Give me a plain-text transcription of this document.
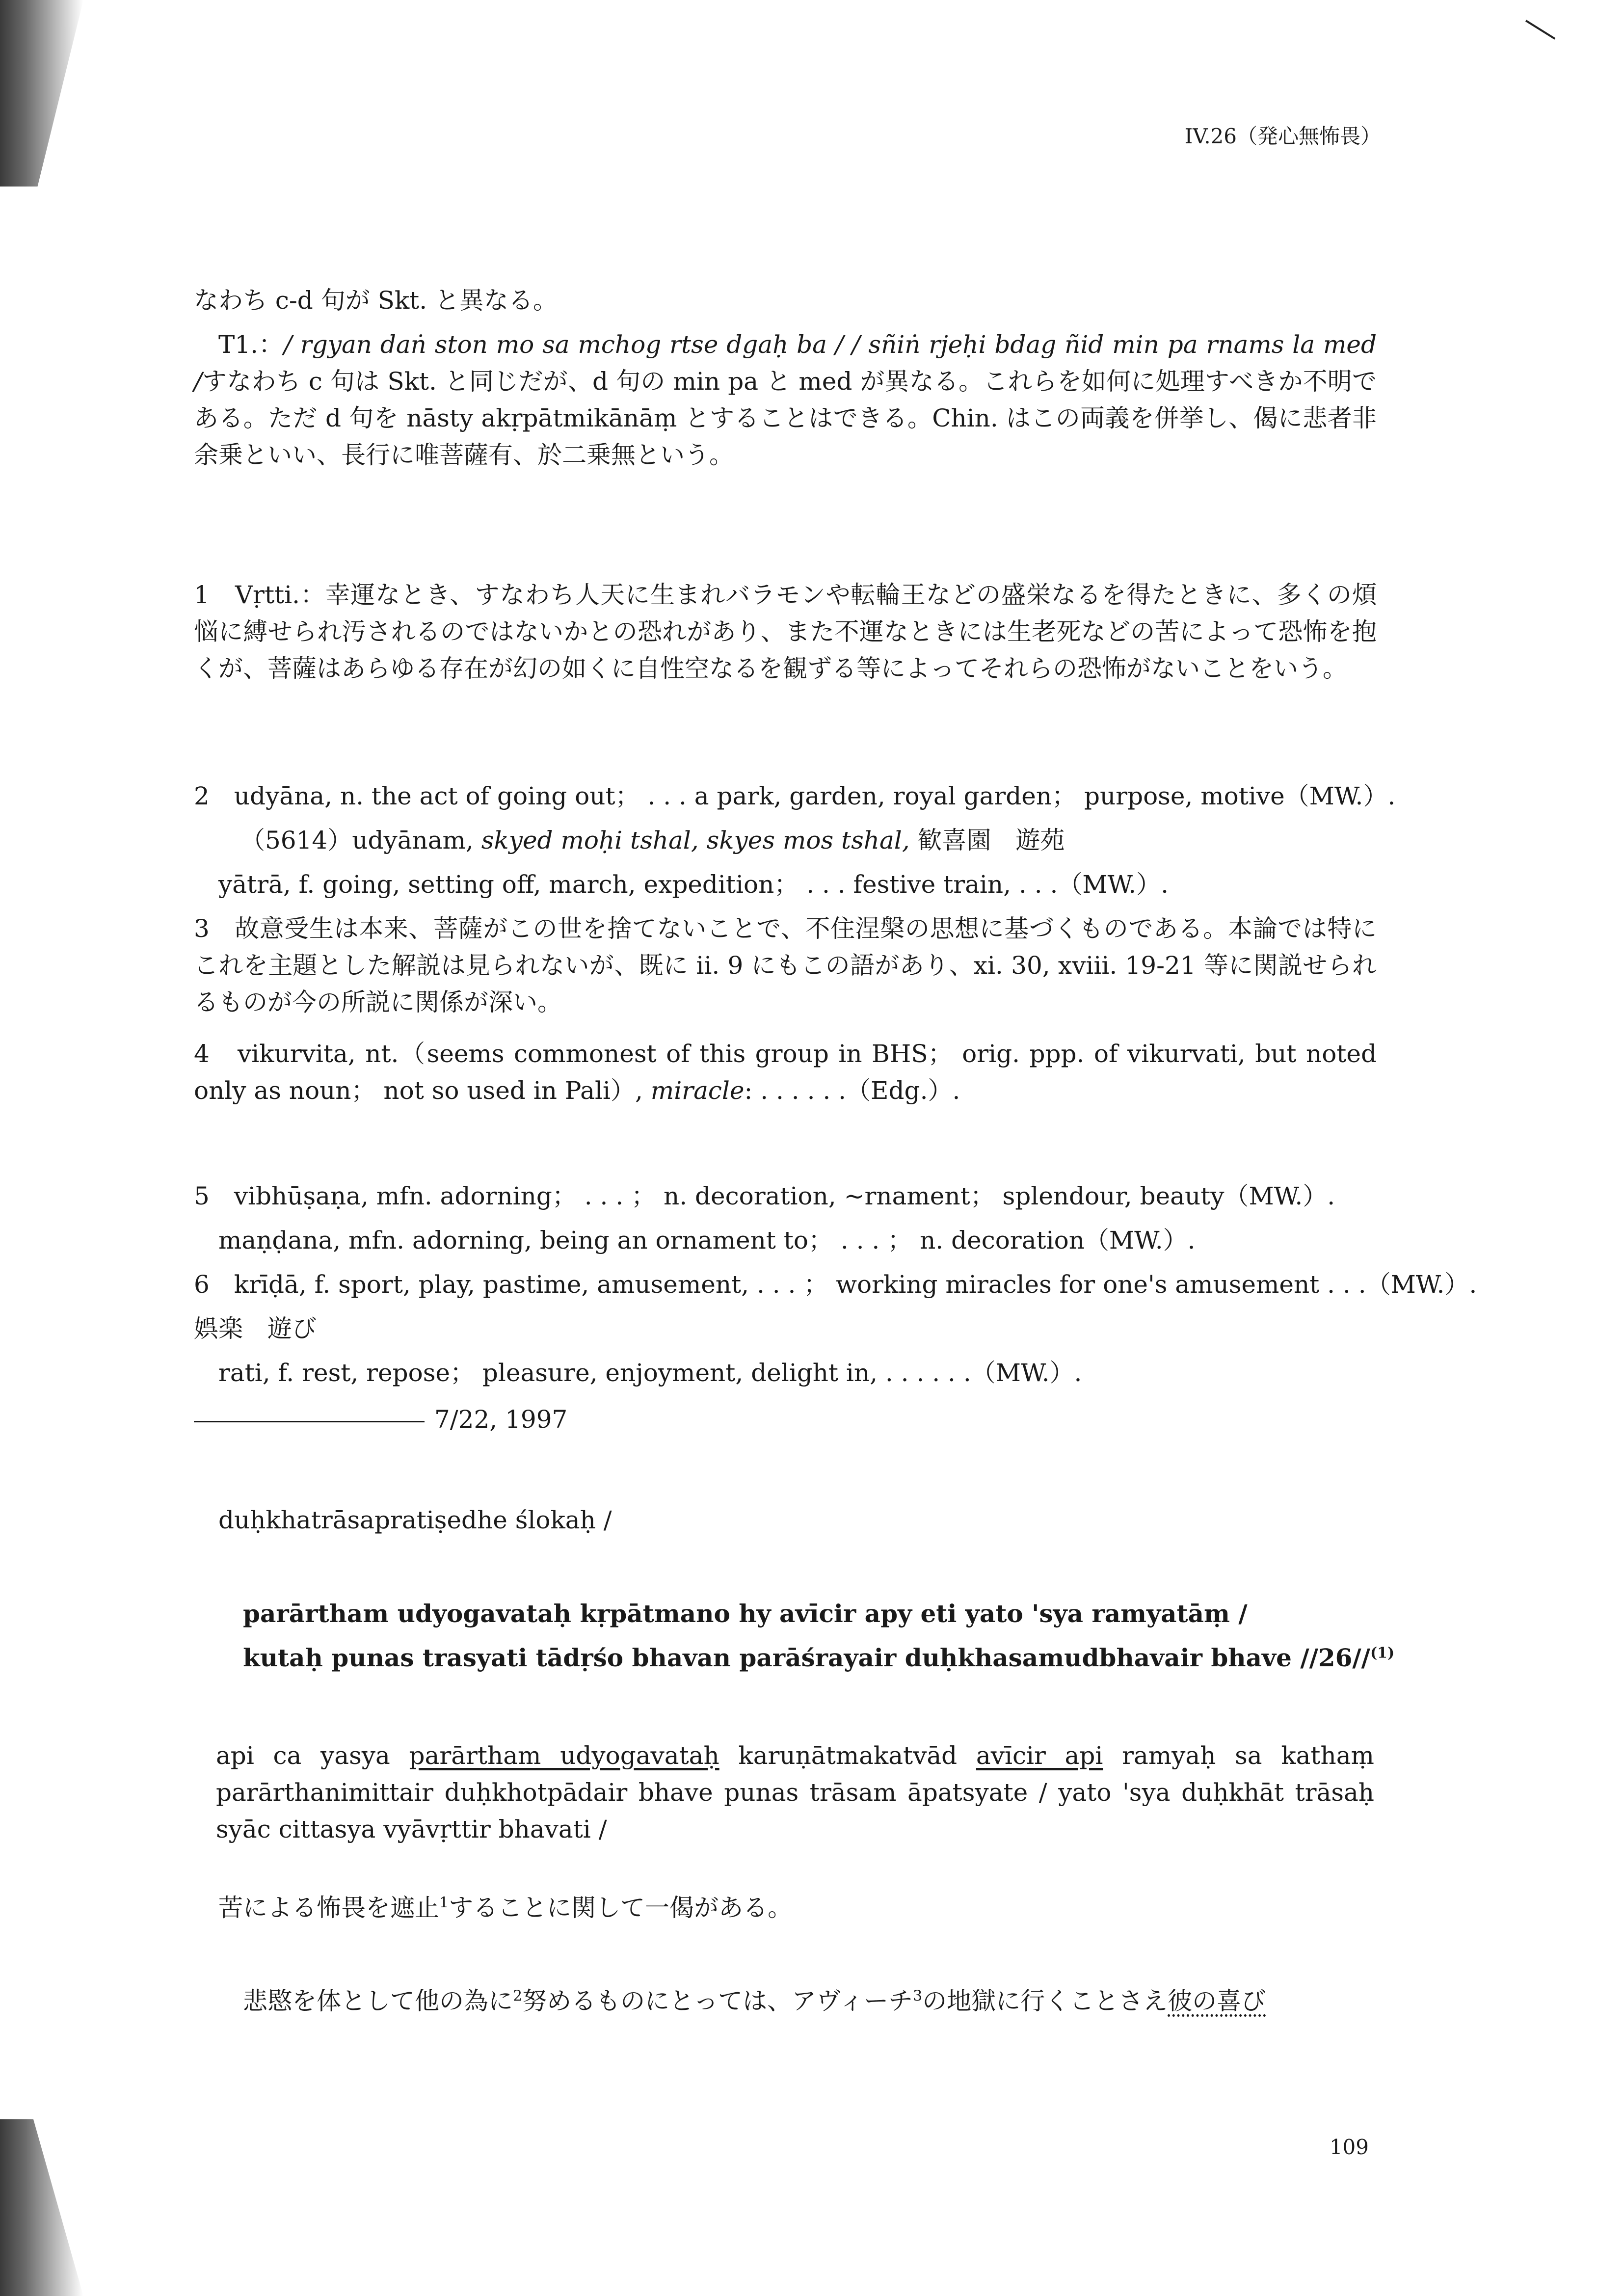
IV.26（発心無怖畏）
なわち c-d 句が Skt. と異なる。
T1.：/ rgyan daṅ ston mo sa mchog rtse dgaḥ ba / / sñiṅ rjeḥi bdag ñid min pa rnams la med /すなわち c 句は Skt. と同じだが、d 句の min pa と med が異なる。これらを如何に処理すべきか不明である。ただ d 句を nāsty akṛpātmikānāṃ とすることはできる。Chin. はこの両義を併挙し、偈に悲者非余乗といい、長行に唯菩薩有、於二乗無という。
1　Vṛtti.：幸運なとき、すなわち人天に生まれバラモンや転輪王などの盛栄なるを得たときに、多くの煩悩に縛せられ汚されるのではないかとの恐れがあり、また不運なときには生老死などの苦によって恐怖を抱くが、菩薩はあらゆる存在が幻の如くに自性空なるを観ずる等によってそれらの恐怖がないことをいう。
2　udyāna, n. the act of going out； . . . a park, garden, royal garden； purpose, motive（MW.）.
（5614）udyānam, skyed moḥi tshal, skyes mos tshal, 歓喜園　遊苑
yātrā, f. going, setting off, march, expedition； . . . festive train, . . .（MW.）.
3　故意受生は本来、菩薩がこの世を捨てないことで、不住涅槃の思想に基づくものである。本論では特にこれを主題とした解説は見られないが、既に ii. 9 にもこの語があり、xi. 30, xviii. 19-21 等に関説せられるものが今の所説に関係が深い。
4　vikurvita, nt.（seems commonest of this group in BHS； orig. ppp. of vikurvati, but noted only as noun； not so used in Pali）, miracle: . . . . . .（Edg.）.
5　vibhūṣaṇa, mfn. adorning； . . . ； n. decoration, ~rnament； splendour, beauty（MW.）.
maṇḍana, mfn. adorning, being an ornament to； . . . ； n. decoration（MW.）.
6　krīḍā, f. sport, play, pastime, amusement, . . . ； working miracles for one's amusement . . .（MW.）.
娯楽　遊び
rati, f. rest, repose； pleasure, enjoyment, delight in, . . . . . .（MW.）.
7/22, 1997
duḥkhatrāsapratiṣedhe ślokaḥ /
parārtham udyogavataḥ kṛpātmano hy avīcir apy eti yato 'sya ramyatāṃ /
kutaḥ punas trasyati tādṛśo bhavan parāśrayair duḥkhasamudbhavair bhave //26//$^{(1)}$
api ca yasya parārtham udyogavataḥ karuṇātmakatvād avīcir api ramyaḥ sa kathaṃ parārthanimittair duḥkhotpādair bhave punas trāsam āpatsyate / yato 'sya duḥkhāt trāsaḥ syāc cittasya vyāvṛttir bhavati /
苦による怖畏を遮止$^1$することに関して一偈がある。
悲愍を体として他の為に$^2$努めるものにとっては、アヴィーチ$^3$の地獄に行くことさえ彼の喜び
109
